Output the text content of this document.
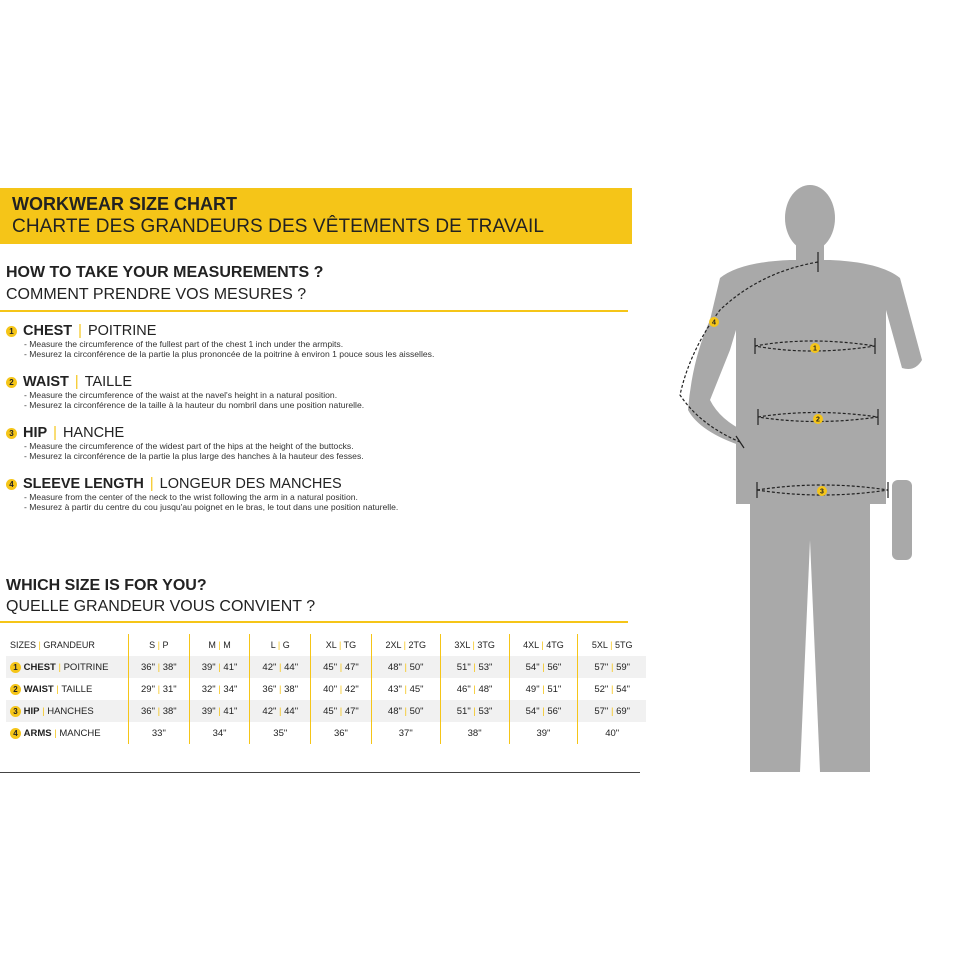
WORKWEAR SIZE CHART
CHARTE DES GRANDEURS DES VÊTEMENTS DE TRAVAIL
HOW TO TAKE YOUR MEASUREMENTS ?
COMMENT PRENDRE VOS MESURES ?
1 CHEST | POITRINE
- Measure the circumference of the fullest part of the chest 1 inch under the armpits.
- Mesurez la circonférence de la partie la plus prononcée de la poitrine à environ 1 pouce sous les aisselles.
2 WAIST | TAILLE
- Measure the circumference of the waist at the navel's height in a natural position.
- Mesurez la circonférence de la taille à la hauteur du nombril dans une position naturelle.
3 HIP | HANCHE
- Measure the circumference of the widest part of the hips at the height of the buttocks.
- Mesurez la circonférence de la partie la plus large des hanches à la hauteur des fesses.
4 SLEEVE LENGTH | LONGEUR DES MANCHES
- Measure from the center of the neck to the wrist following the arm in a natural position.
- Mesurez à partir du centre du cou jusqu'au poignet en le bras, le tout dans une position naturelle.
WHICH SIZE IS FOR YOU?
QUELLE GRANDEUR VOUS CONVIENT ?
SIZES | GRANDEUR	S | P	M | M	L | G	XL | TG	2XL | 2TG	3XL | 3TG	4XL | 4TG	5XL | 5TG
1 CHEST | POITRINE	36" | 38"	39" | 41"	42" | 44"	45" | 47"	48" | 50"	51" | 53"	54" | 56"	57" | 59"
2 WAIST | TAILLE	29" | 31"	32" | 34"	36" | 38"	40" | 42"	43" | 45"	46" | 48"	49" | 51"	52" | 54"
3 HIP | HANCHES	36" | 38"	39" | 41"	42" | 44"	45" | 47"	48" | 50"	51" | 53"	54" | 56"	57" | 69"
4 ARMS | MANCHE	33"	34"	35"	36"	37"	38"	39"	40"
1
2
3
4
